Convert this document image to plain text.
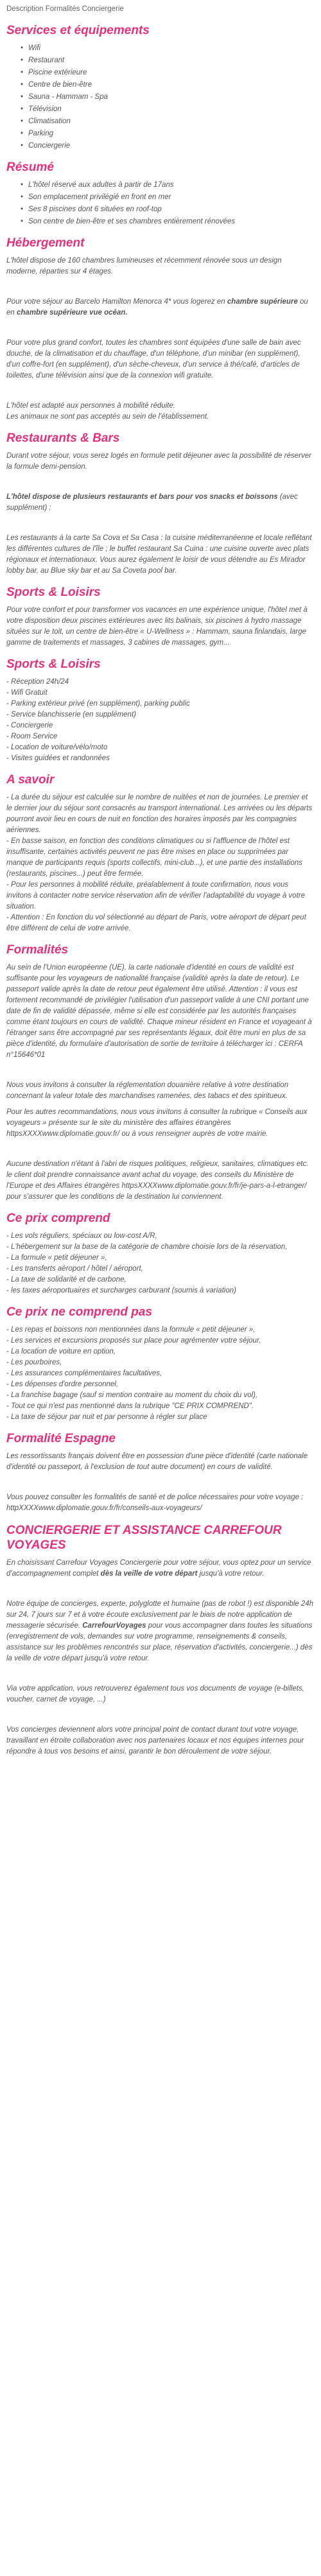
Description Formalités Conciergerie
Services et équipements
• Wifi
• Restaurant
• Piscine extérieure
• Centre de bien-être
• Sauna - Hammam - Spa
• Télévision
• Climatisation
• Parking
• Conciergerie
Résumé
• L'hôtel réservé aux adultes à partir de 17ans
• Son emplacement privilégié en front en mer
• Ses 8 piscines dont 6 situées en roof-top
• Son centre de bien-être et ses chambres entièrement rénovées
Hébergement

L'hôtel dispose de 160 chambres lumineuses et récemment rénovée sous un design moderne, réparties sur 4 étages.

Pour votre séjour au Barcelo Hamilton Menorca 4* vous logerez en chambre supérieure ou en chambre supérieure vue océan.

Pour votre plus grand confort, toutes les chambres sont équipées d'une salle de bain avec douche, de la climatisation et du chauffage, d'un téléphone, d'un minibar (en supplément), d'un coffre-fort (en supplément), d'un sèche-cheveux, d'un service à thé/café, d'articles de toilettes, d'une télévision ainsi que de la connexion wifi gratuite.

L'hôtel est adapté aux personnes à mobilité réduite.
Les animaux ne sont pas acceptés au sein de l'établissement.

Restaurants & Bars

Durant votre séjour, vous serez logés en formule petit déjeuner avec la possibilité de réserver la formule demi-pension.

L'hôtel dispose de plusieurs restaurants et bars pour vos snacks et boissons (avec supplément) :

Les restaurants à la carte Sa Cova et Sa Casa : la cuisine méditerranéenne et locale reflétant les différentes cultures de l'île ; le buffet restaurant Sa Cuina : une cuisine ouverte avec plats régionaux et internationaux. Vous aurez également le loisir de vous détendre au Es Mirador lobby bar, au Blue sky bar et au Sa Coveta pool bar.

Sports & Loisirs

Pour votre confort et pour transformer vos vacances en une expérience unique, l'hôtel met à votre disposition deux piscines extérieures avec lits balinais, six piscines à hydro massage situées sur le toit, un centre de bien-être « U-Wellness » : Hammam, sauna finlandais, large gamme de traitements et massages, 3 cabines de massages, gym...

Sports & Loisirs
- Réception 24h/24
- Wifi Gratuit
- Parking extérieur privé (en supplément), parking public
- Service blanchisserie (en supplément)
- Conciergerie
- Room Service
- Location de voiture/vélo/moto
- Visites guidées et randonnées
A savoir
- La durée du séjour est calculée sur le nombre de nuitées et non de journées. Le premier et le dernier jour du séjour sont consacrés au transport international. Les arrivées ou les départs pourront avoir lieu en cours de nuit en fonction des horaires imposés par les compagnies aériennes.
- En basse saison, en fonction des conditions climatiques ou si l'affluence de l'hôtel est insuffisante, certaines activités peuvent ne pas être mises en place ou supprimées par manque de participants requis (sports collectifs, mini-club...), et une partie des installations (restaurants, piscines...) peut être fermée.
- Pour les personnes à mobilité réduite, préalablement à toute confirmation, nous vous invitons à contacter notre service réservation afin de vérifier l'adaptabilité du voyage à votre situation.
- Attention : En fonction du vol sélectionné au départ de Paris, votre aéroport de départ peut être différent de celui de votre arrivée.
Formalités

Au sein de l'Union européenne (UE), la carte nationale d'identité en cours de validité est suffisante pour les voyageurs de nationalité française (validité après la date de retour). Le passeport valide après la date de retour peut également être utilisé. Attention : il vous est fortement recommandé de privilégier l'utilisation d'un passeport valide à une CNI portant une date de fin de validité dépassée, même si elle est considérée par les autorités françaises comme étant toujours en cours de validité. Chaque mineur résident en France et voyageant à l'étranger sans être accompagné par ses représentants légaux, doit être muni en plus de sa pièce d'identité, du formulaire d'autorisation de sortie de territoire à télécharger ici : CERFA n°15646*01

Nous vous invitons à consulter la réglementation douanière relative à votre destination concernant la valeur totale des marchandises ramenées, des tabacs et des spiritueux.

Pour les autres recommandations, nous vous invitons à consulter la rubrique « Conseils aux voyageurs » présente sur le site du ministère des affaires étrangères httpsXXXXwww.diplomatie.gouv.fr/ ou à vous renseigner auprès de votre mairie.

Aucune destination n'étant à l'abri de risques politiques, religieux, sanitaires, climatiques etc. le client doit prendre connaissance avant achat du voyage, des conseils du Ministère de l'Europe et des Affaires étrangères httpsXXXXwww.diplomatie.gouv.fr/fr/je-pars-a-l-etranger/ pour s'assurer que les conditions de la destination lui conviennent.

Ce prix comprend
- Les vols réguliers, spéciaux ou low-cost A/R,
- L'hébergement sur la base de la catégorie de chambre choisie lors de la réservation,
- La formule « petit déjeuner »,
- Les transferts aéroport / hôtel / aéroport,
- La taxe de solidarité et de carbone,
- les taxes aéroportuaires et surcharges carburant (soumis à variation)
Ce prix ne comprend pas
- Les repas et boissons non mentionnées dans la formule « petit déjeuner »,
- Les services et excursions proposés sur place pour agrémenter votre séjour,
- La location de voiture en option,
- Les pourboires,
- Les assurances complémentaires facultatives,
- Les dépenses d'ordre personnel,
- La franchise bagage (sauf si mention contraire au moment du choix du vol),
- Tout ce qui n'est pas mentionné dans la rubrique "CE PRIX COMPREND".
- La taxe de séjour par nuit et par personne à régler sur place
Formalité Espagne

Les ressortissants français doivent être en possession d'une pièce d'identité (carte nationale d'identité ou passeport, à l'exclusion de tout autre document) en cours de validité.

Vous pouvez consulter les formalités de santé et de police nécessaires pour votre voyage : httpXXXXwww.diplomatie.gouv.fr/fr/conseils-aux-voyageurs/

CONCIERGERIE ET ASSISTANCE CARREFOUR VOYAGES

En choisissant Carrefour Voyages Conciergerie pour votre séjour, vous optez pour un service d'accompagnement complet dès la veille de votre départ jusqu'à votre retour.

Notre équipe de concierges, experte, polyglotte et humaine (pas de robot !) est disponible 24h sur 24, 7 jours sur 7 et à votre écoute exclusivement par le biais de notre application de messagerie sécurisée. CarrefourVoyages pour vous accompagner dans toutes les situations (enregistrement de vols, demandes sur votre programme, renseignements & conseils, assistance sur les problèmes rencontrés sur place, réservation d'activités, conciergerie...) dès la veille de votre départ jusqu'à votre retour.

Via votre application, vous retrouverez également tous vos documents de voyage (e-billets, voucher, carnet de voyage, ...)

Vos concierges deviennent alors votre principal point de contact durant tout votre voyage, travaillant en étroite collaboration avec nos partenaires locaux et nos équipes internes pour répondre à tous vos besoins et ainsi, garantir le bon déroulement de votre séjour.
